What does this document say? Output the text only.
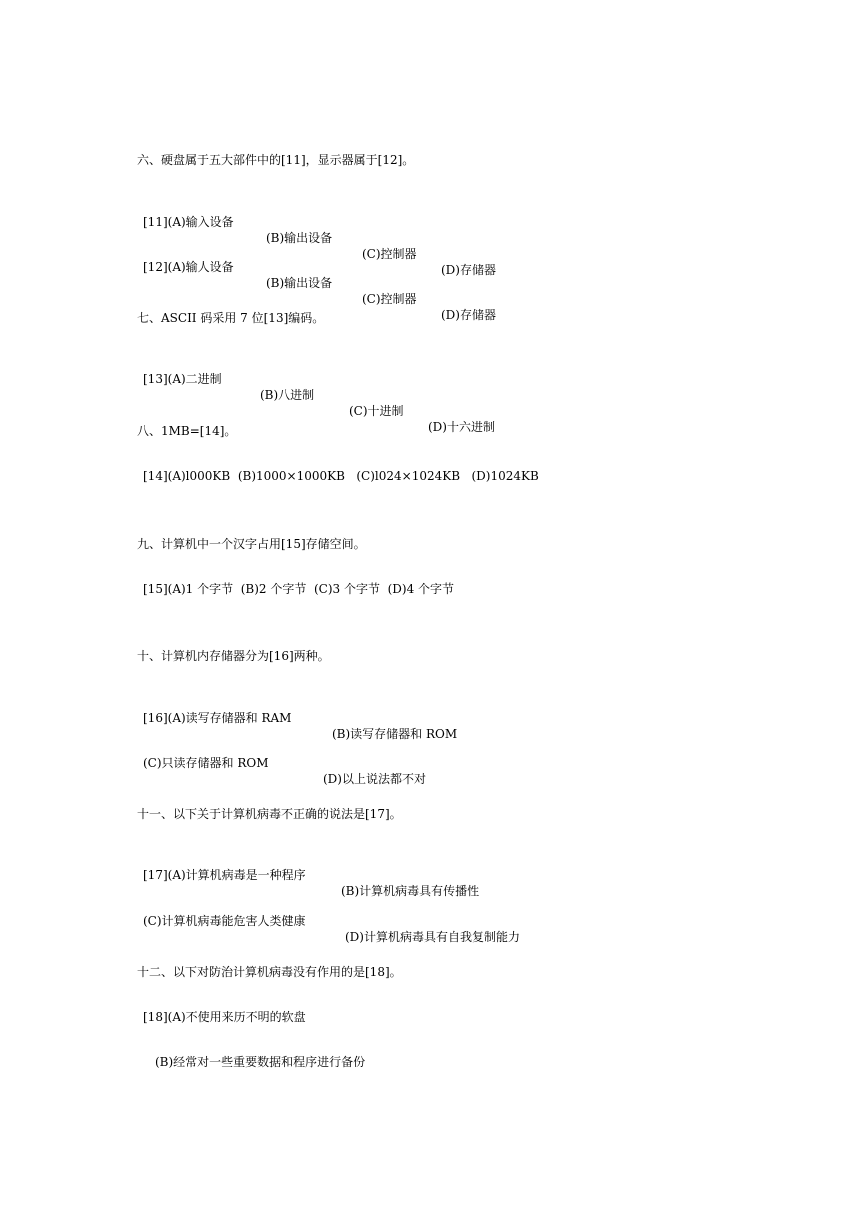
六、硬盘属于五大部件中的[11]，显示器属于[12]。

[11](A)输入设备

(B)输出设备

(C)控制器

(D)存储器

[12](A)输人设备

(B)输出设备

(C)控制器

(D)存储器

七、ASCII 码采用 7 位[13]编码。

[13](A)二进制

(B)八进制

(C)十进制

(D)十六进制

八、1MB=[14]。
[14](A)l000KB  (B)1000×1000KB   (C)l024×1024KB   (D)1024KB
九、计算机中一个汉字占用[15]存储空间。
[15](A)1 个字节  (B)2 个字节  (C)3 个字节  (D)4 个字节
十、计算机内存储器分为[16]两种。

[16](A)读写存储器和 RAM

(B)读写存储器和 ROM

(C)只读存储器和 ROM

(D)以上说法都不对

十一、以下关于计算机病毒不正确的说法是[17]。

[17](A)计算机病毒是一种程序

(B)计算机病毒具有传播性

(C)计算机病毒能危害人类健康

(D)计算机病毒具有自我复制能力

十二、以下对防治计算机病毒没有作用的是[18]。
[18](A)不使用来历不明的软盘
(B)经常对一些重要数据和程序进行备份
